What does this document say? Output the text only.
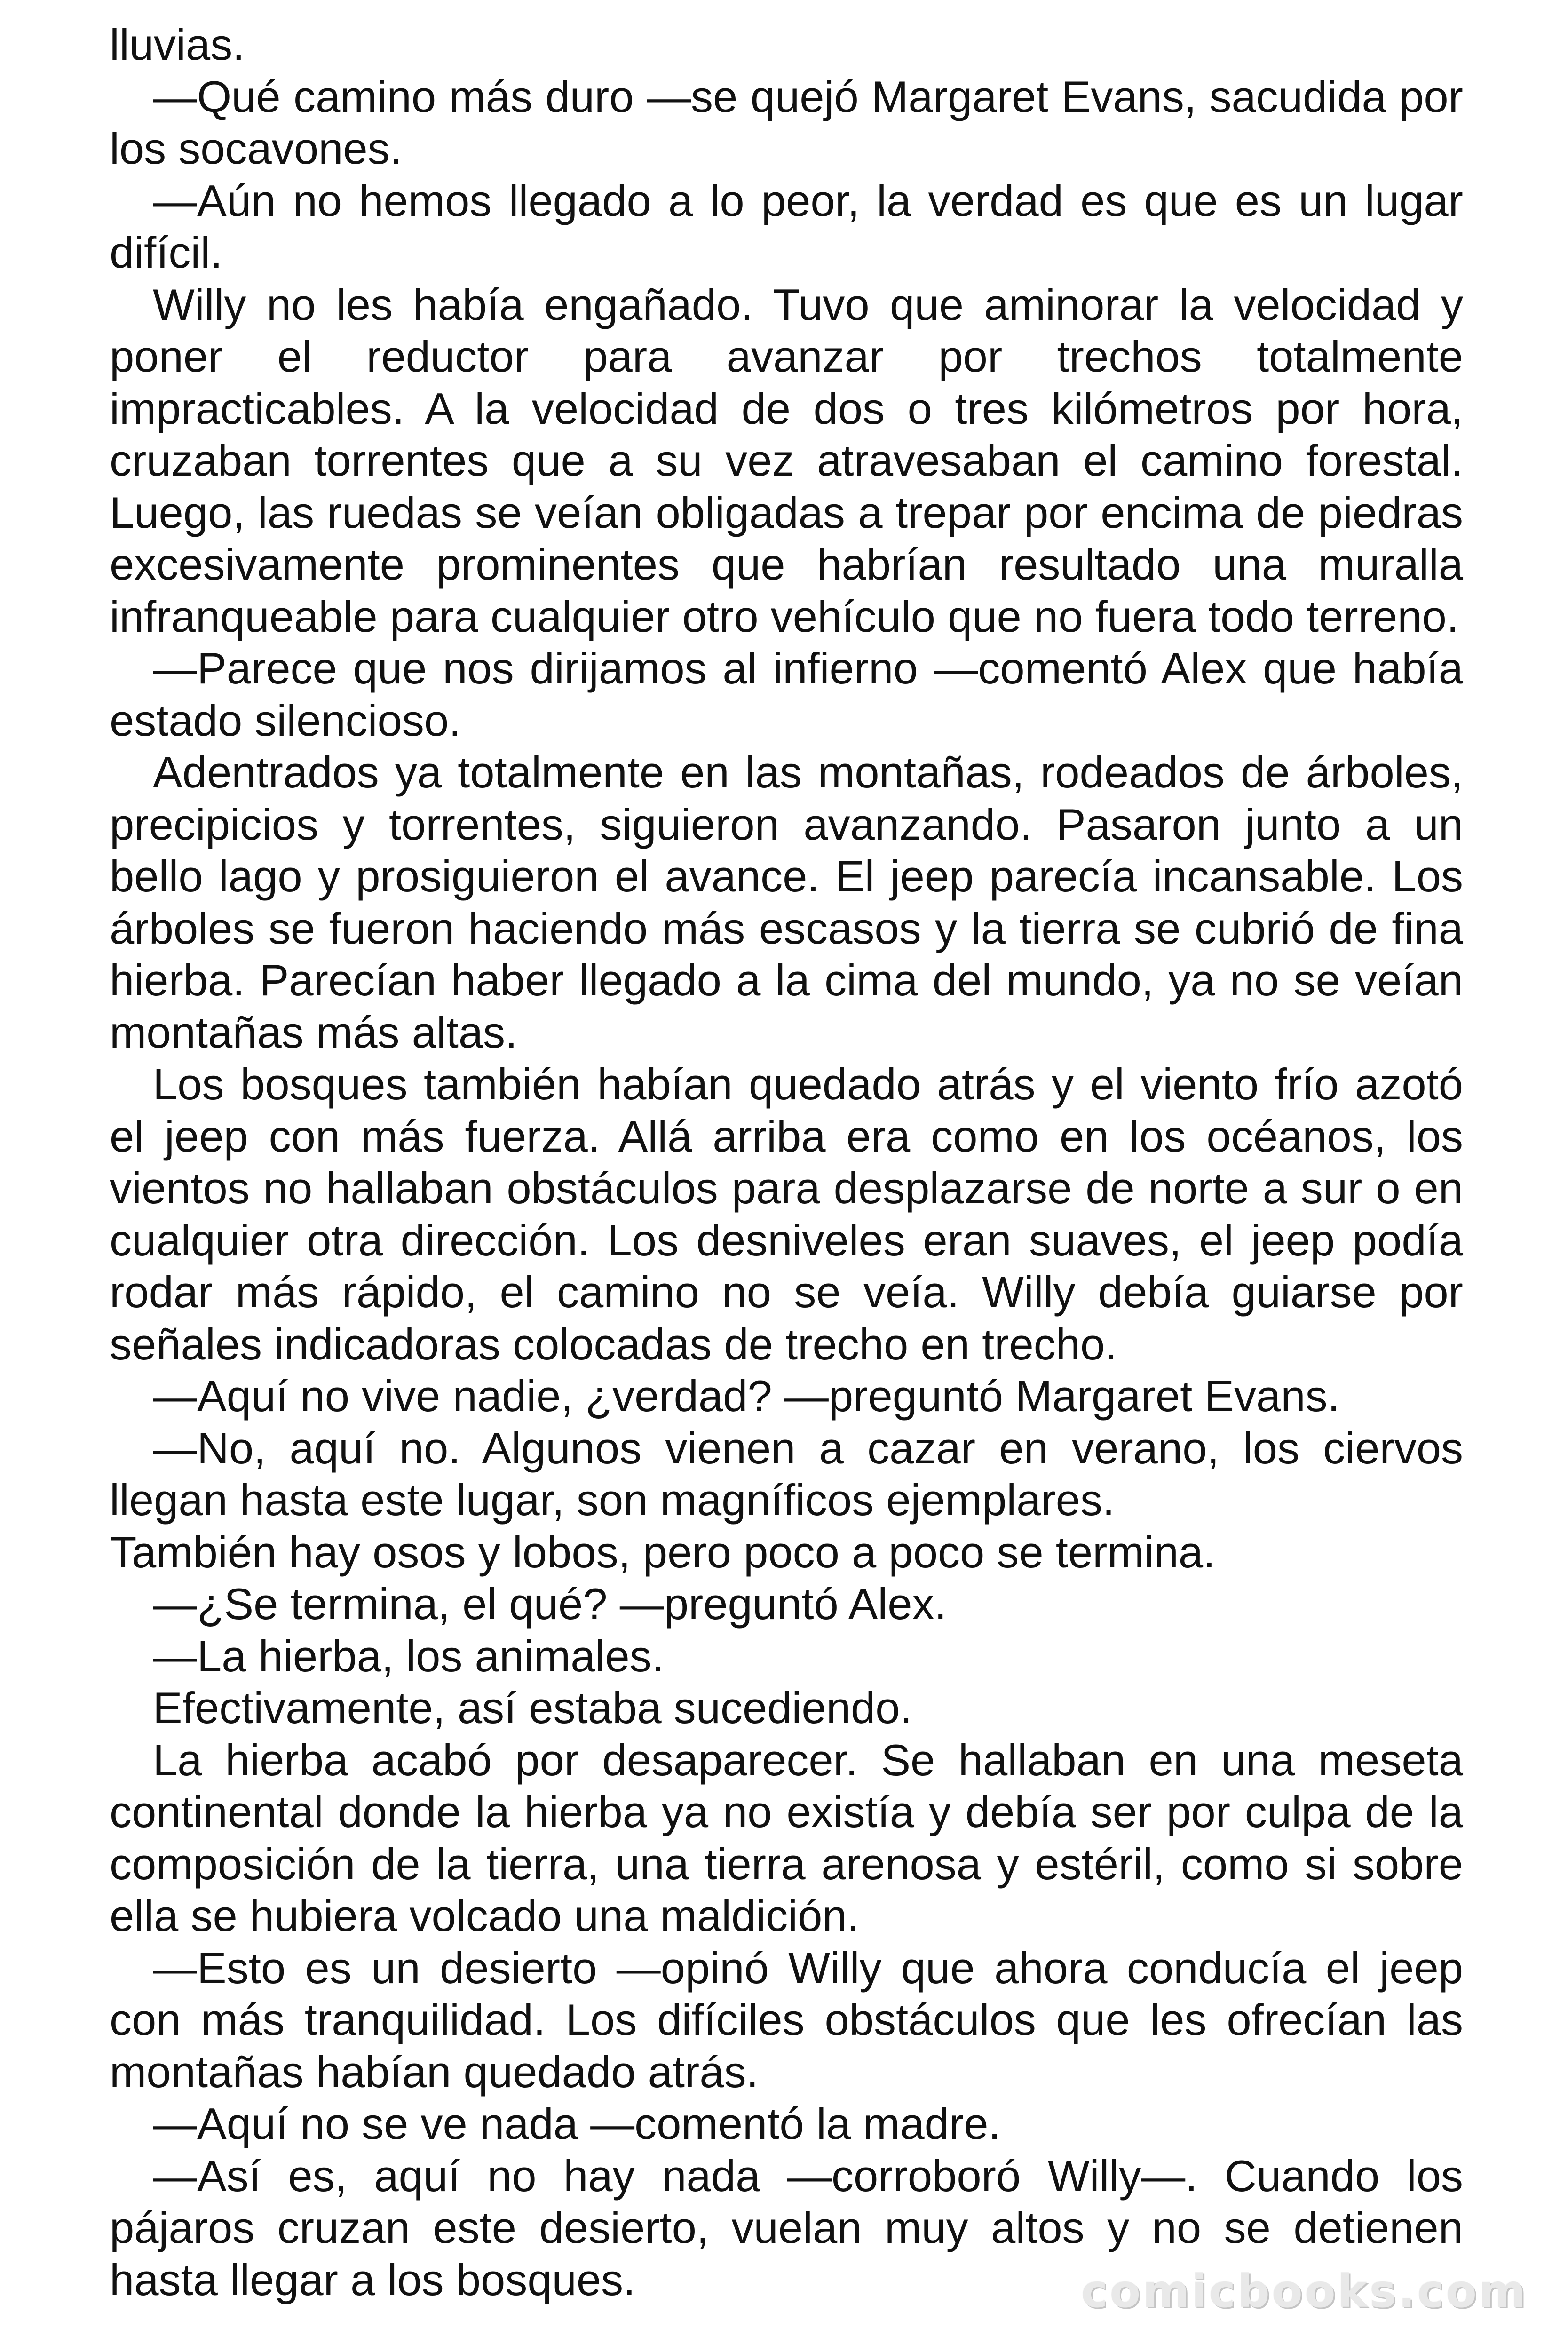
lluvias.

—Qué camino más duro —se quejó Margaret Evans, sacudida por los socavones.

—Aún no hemos llegado a lo peor, la verdad es que es un lugar difícil.

Willy no les había engañado. Tuvo que aminorar la velocidad y poner el reductor para avanzar por trechos totalmente impracticables. A la velocidad de dos o tres kilómetros por hora, cruzaban torrentes que a su vez atravesaban el camino forestal. Luego, las ruedas se veían obligadas a trepar por encima de piedras excesivamente prominentes que habrían resultado una muralla infranqueable para cualquier otro vehículo que no fuera todo terreno.

—Parece que nos dirijamos al infierno —comentó Alex que había estado silencioso.

Adentrados ya totalmente en las montañas, rodeados de árboles, precipicios y torrentes, siguieron avanzando. Pasaron junto a un bello lago y prosiguieron el avance. El jeep parecía incansable. Los árboles se fueron haciendo más escasos y la tierra se cubrió de fina hierba. Parecían haber llegado a la cima del mundo, ya no se veían montañas más altas.

Los bosques también habían quedado atrás y el viento frío azotó el jeep con más fuerza. Allá arriba era como en los océanos, los vientos no hallaban obstáculos para desplazarse de norte a sur o en cualquier otra dirección. Los desniveles eran suaves, el jeep podía rodar más rápido, el camino no se veía. Willy debía guiarse por señales indicadoras colocadas de trecho en trecho.

—Aquí no vive nadie, ¿verdad? —preguntó Margaret Evans.

—No, aquí no. Algunos vienen a cazar en verano, los ciervos llegan hasta este lugar, son magníficos ejemplares.

También hay osos y lobos, pero poco a poco se termina.

—¿Se termina, el qué? —preguntó Alex.

—La hierba, los animales.

Efectivamente, así estaba sucediendo.

La hierba acabó por desaparecer. Se hallaban en una meseta continental donde la hierba ya no existía y debía ser por culpa de la composición de la tierra, una tierra arenosa y estéril, como si sobre ella se hubiera volcado una maldición.

—Esto es un desierto —opinó Willy que ahora conducía el jeep con más tranquilidad. Los difíciles obstáculos que les ofrecían las montañas habían quedado atrás.

—Aquí no se ve nada —comentó la madre.

—Así es, aquí no hay nada —corroboró Willy—. Cuando los pájaros cruzan este desierto, vuelan muy altos y no se detienen hasta llegar a los bosques.	comicbooks.com
